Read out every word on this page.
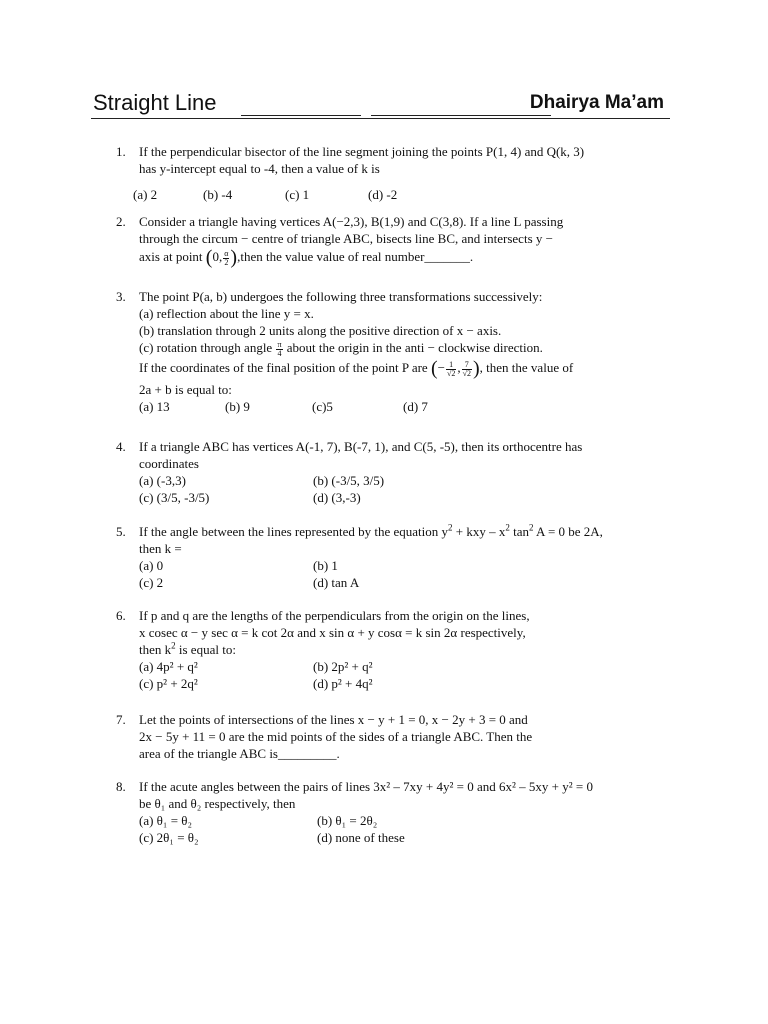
Straight Line	Dhairya Ma’am
1. If the perpendicular bisector of the line segment joining the points P(1, 4) and Q(k, 3)
has y-intercept equal to -4, then a value of k is
(a) 2	(b) -4	(c) 1	(d) -2
2. Consider a triangle having vertices A(−2,3), B(1,9) and C(3,8). If a line L passing
through the circum − centre of triangle ABC, bisects line BC, and intersects y −
axis at point (0, $\frac{\alpha}{2}$ ),then the value value of real number_______.
3. The point P(a, b) undergoes the following three transformations successively:
(a) reflection about the line y = x.
(b) translation through 2 units along the positive direction of x − axis.
(c) rotation through angle $\frac{\pi}{4}$ about the origin in the anti − clockwise direction.
If the coordinates of the final position of the point P are (− $\frac{1}{√2}$ , $\frac{7}{√2}$ ), then the value of
2a + b is equal to:
(a) 13	(b) 9	(c)5	(d) 7
4. If a triangle ABC has vertices A(-1, 7), B(-7, 1), and C(5, -5), then its orthocentre has
coordinates
(a) (-3,3)	(b) (-3/5, 3/5)
(c) (3/5, -3/5)	(d) (3,-3)
5. If the angle between the lines represented by the equation $y^2$ + kxy – $x^2$ $\tan^2 A = 0$ be 2A,
then k =
(a) 0	(b) 1
(c) 2	(d) tan A
6. If p and q are the lengths of the perpendiculars from the origin on the lines,
x cosec α − y sec α = k cot 2α and x sin α + y cosα = k sin 2α respectively,
then $k^2$ is equal to:
(a) 4p² + q²	(b) 2p² + q²
(c) p² + 2q²	(d) p² + 4q²
7. Let the points of intersections of the lines x − y + 1 = 0, x − 2y + 3 = 0 and
2x − 5y + 11 = 0 are the mid points of the sides of a triangle ABC. Then the
area of the triangle ABC is_________.
8. If the acute angles between the pairs of lines 3x² – 7xy + 4y² = 0 and 6x² – 5xy + y² = 0
be θ₁ and θ₂ respectively, then
(a) θ₁ = θ₂	(b) θ₁ = 2θ₂
(c) 2θ₁ = θ₂	(d) none of these
